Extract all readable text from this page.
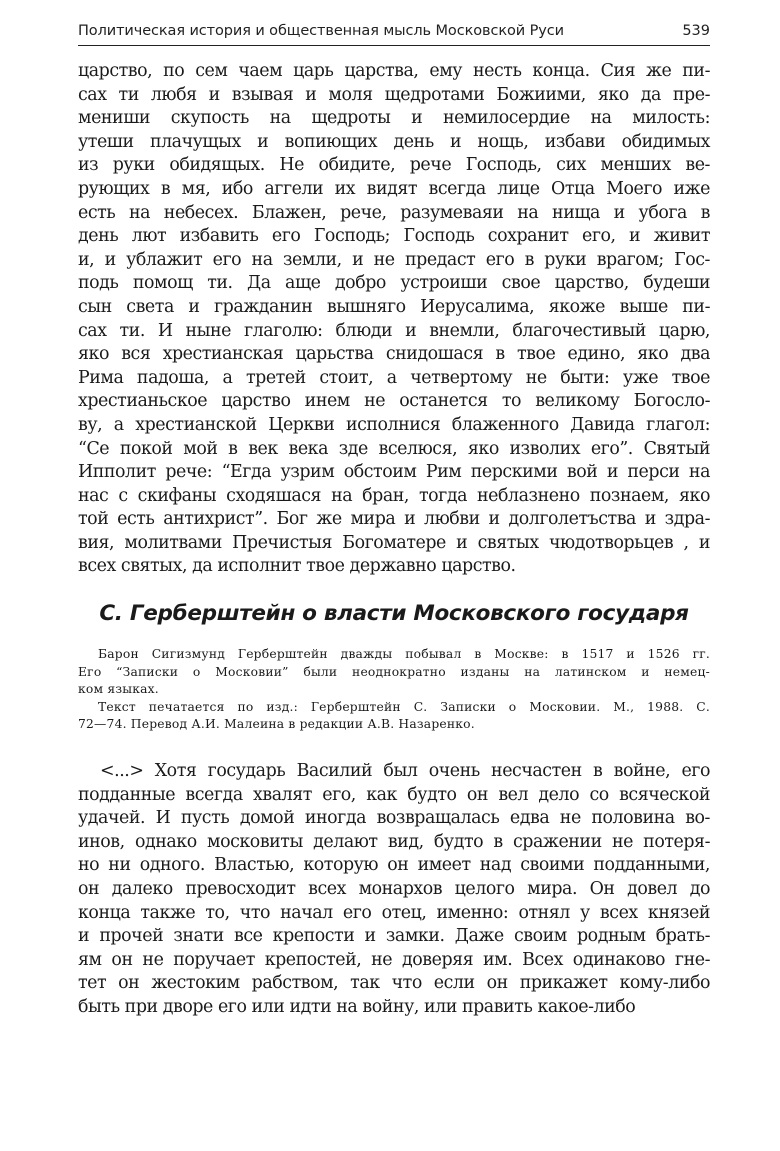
Политическая история и общественная мысль Московской Руси	539

царство, по сем чаем царь царства, ему несть конца. Сия же пи-
сах ти любя и взывая и моля щедротами Божиими, яко да пре-
мениши скупость на щедроты и немилосердие на милость:
утеши плачущых и вопиющих день и нощь, избави обидимых
из руки обидящых. Не обидите, рече Господь, сих менших ве-
рующих в мя, ибо аггели их видят всегда лице Отца Моего иже
есть на небесех. Блажен, рече, разумеваяи на нища и убога в
день лют избавить его Господь; Господь сохранит его, и живит
и, и ублажит его на земли, и не предаст его в руки врагом; Гос-
подь помощ ти. Да аще добро устроиши свое царство, будеши
сын света и гражданин вышняго Иерусалима, якоже выше пи-
сах ти. И ныне глаголю: блюди и внемли, благочестивый царю,
яко вся хрестианская царьства снидошася в твое едино, яко два
Рима падоша, а третей стоит, а четвертому не быти: уже твое
хрестианьское царство инем не останется то великому Богосло-
ву, а хрестианской Церкви исполнися блаженного Давида глагол:
“Се покой мой в век века зде вселюся, яко изволих его”. Святый
Ипполит рече: “Егда узрим обстоим Рим перскими вой и перси на
нас с скифаны сходяшася на бран, тогда неблазнено познаем, яко
той есть антихрист”. Бог же мира и любви и долголетъства и здра-
вия, молитвами Пречистыя Богоматере и святых чюдотворьцев , и
всех святых, да исполнит твое державно царство.

С. Герберштейн о власти Московского государя

Барон Сигизмунд Герберштейн дважды побывал в Москве: в 1517 и 1526 гг.
Его “Записки о Московии” были неоднократно изданы на латинском и немец-
ком языках.

Текст печатается по изд.: Герберштейн С. Записки о Московии. М., 1988. С.
72—74. Перевод А.И. Малеина в редакции А.В. Назаренко.

<...> Хотя государь Василий был очень несчастен в войне, его
подданные всегда хвалят его, как будто он вел дело со всяческой
удачей. И пусть домой иногда возвращалась едва не половина во-
инов, однако московиты делают вид, будто в сражении не потеря-
но ни одного. Властью, которую он имеет над своими подданными,
он далеко превосходит всех монархов целого мира. Он довел до
конца также то, что начал его отец, именно: отнял у всех князей
и прочей знати все крепости и замки. Даже своим родным брать-
ям он не поручает крепостей, не доверяя им. Всех одинаково гне-
тет он жестоким рабством, так что если он прикажет кому-либо
быть при дворе его или идти на войну, или править какое-либо
